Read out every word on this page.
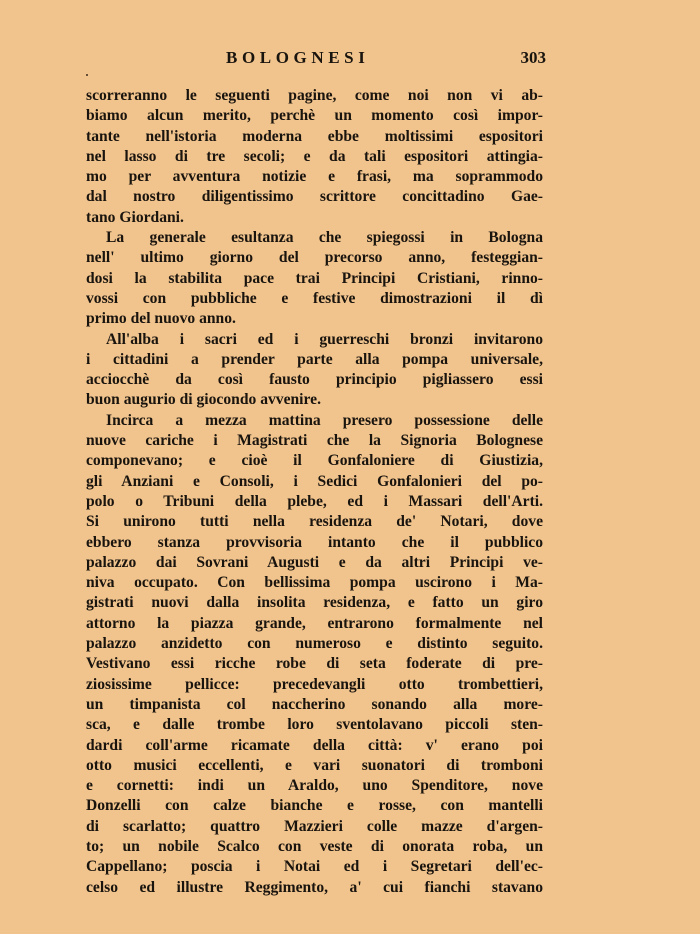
BOLOGNESI	303
scorreranno le seguenti pagine, come noi non vi ab-
biamo alcun merito, perchè un momento così impor-
tante nell'istoria moderna ebbe moltissimi espositori
nel lasso di tre secoli; e da tali espositori attingia-
mo per avventura notizie e frasi, ma soprammodo
dal nostro diligentissimo scrittore concittadino Gae-
tano Giordani.
La generale esultanza che spiegossi in Bologna
nell' ultimo giorno del precorso anno, festeggian-
dosi la stabilita pace trai Principi Cristiani, rinno-
vossi con pubbliche e festive dimostrazioni il dì
primo del nuovo anno.
All'alba i sacri ed i guerreschi bronzi invitarono
i cittadini a prender parte alla pompa universale,
acciocchè da così fausto principio pigliassero essi
buon augurio di giocondo avvenire.
Incirca a mezza mattina presero possessione delle
nuove cariche i Magistrati che la Signoria Bolognese
componevano; e cioè il Gonfaloniere di Giustizia,
gli Anziani e Consoli, i Sedici Gonfalonieri del po-
polo o Tribuni della plebe, ed i Massari dell'Arti.
Si unirono tutti nella residenza de' Notari, dove
ebbero stanza provvisoria intanto che il pubblico
palazzo dai Sovrani Augusti e da altri Principi ve-
niva occupato. Con bellissima pompa uscirono i Ma-
gistrati nuovi dalla insolita residenza, e fatto un giro
attorno la piazza grande, entrarono formalmente nel
palazzo anzidetto con numeroso e distinto seguito.
Vestivano essi ricche robe di seta foderate di pre-
ziosissime pellicce: precedevangli otto trombettieri,
un timpanista col naccherino sonando alla more-
sca, e dalle trombe loro sventolavano piccoli sten-
dardi coll'arme ricamate della città: v' erano poi
otto musici eccellenti, e vari suonatori di tromboni
e cornetti: indi un Araldo, uno Spenditore, nove
Donzelli con calze bianche e rosse, con mantelli
di scarlatto; quattro Mazzieri colle mazze d'argen-
to; un nobile Scalco con veste di onorata roba, un
Cappellano; poscia i Notai ed i Segretari dell'ec-
celso ed illustre Reggimento, a' cui fianchi stavano
